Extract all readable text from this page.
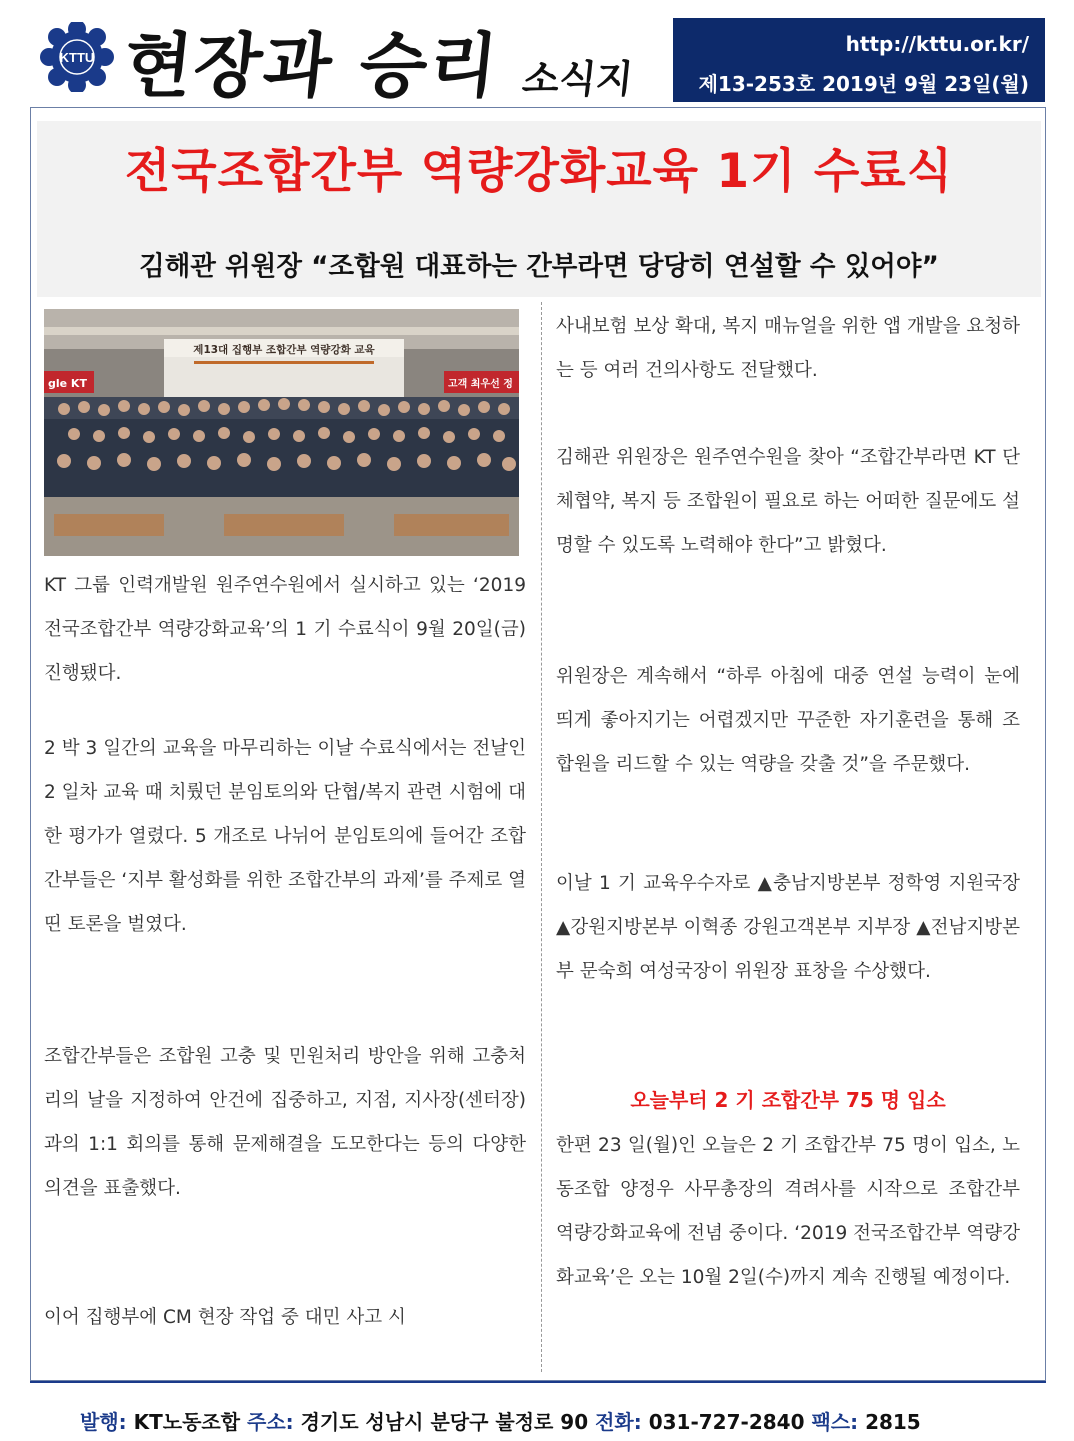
KTTU 현장과 승리 소식지
http://kttu.or.kr/
제13-253호 2019년 9월 23일(월)
전국조합간부 역량강화교육 1기 수료식
김해관 위원장 “조합원 대표하는 간부라면 당당히 연설할 수 있어야”
제13대 집행부 조합간부 역량강화 교육
gle KT	고객 최우선 정
KT 그룹 인력개발원 원주연수원에서 실시하고 있는 ‘2019 전국조합간부 역량강화교육’의 1 기 수료식이 9월 20일(금) 진행됐다.
2 박 3 일간의 교육을 마무리하는 이날 수료식에서는 전날인 2 일차 교육 때 치뤘던 분임토의와 단협/복지 관련 시험에 대한 평가가 열렸다. 5 개조로 나뉘어 분임토의에 들어간 조합간부들은 ‘지부 활성화를 위한 조합간부의 과제’를 주제로 열띤 토론을 벌였다.
조합간부들은 조합원 고충 및 민원처리 방안을 위해 고충처리의 날을 지정하여 안건에 집중하고, 지점, 지사장(센터장)과의 1:1 회의를 통해 문제해결을 도모한다는 등의 다양한 의견을 표출했다.
이어 집행부에 CM 현장 작업 중 대민 사고 시
사내보험 보상 확대, 복지 매뉴얼을 위한 앱 개발을 요청하는 등 여러 건의사항도 전달했다.
김해관 위원장은 원주연수원을 찾아 “조합간부라면 KT 단체협약, 복지 등 조합원이 필요로 하는 어떠한 질문에도 설명할 수 있도록 노력해야 한다”고 밝혔다.
위원장은 계속해서 “하루 아침에 대중 연설 능력이 눈에 띄게 좋아지기는 어렵겠지만 꾸준한 자기훈련을 통해 조합원을 리드할 수 있는 역량을 갖출 것”을 주문했다.
이날 1 기 교육우수자로 ▲충남지방본부 정학영 지원국장 ▲강원지방본부 이혁종 강원고객본부 지부장 ▲전남지방본부 문숙희 여성국장이 위원장 표창을 수상했다.
오늘부터 2 기 조합간부 75 명 입소
한편 23 일(월)인 오늘은 2 기 조합간부 75 명이 입소, 노동조합 양정우 사무총장의 격려사를 시작으로 조합간부 역량강화교육에 전념 중이다. ‘2019 전국조합간부 역량강화교육’은 오는 10월 2일(수)까지 계속 진행될 예정이다.
발행: KT노동조합 주소: 경기도 성남시 분당구 불정로 90 전화: 031-727-2840 팩스: 2815
